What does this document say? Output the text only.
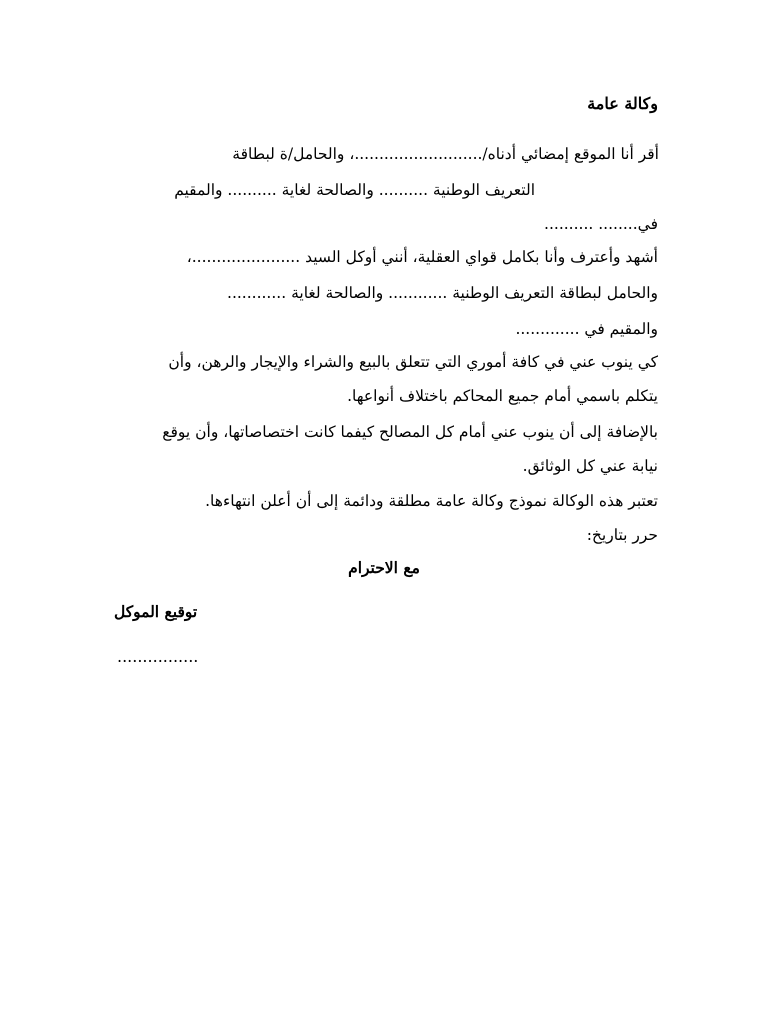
وكالة عامة
أقر أنا الموقع إمضائي أدناه/..........................، والحامل/ة لبطاقة
التعريف الوطنية .......... والصالحة لغاية .......... والمقيم
في........ ..........
أشهد وأعترف وأنا بكامل قواي العقلية، أنني أوكل السيد ......................،
والحامل لبطاقة التعريف الوطنية ............ والصالحة لغاية ............
والمقيم في .............
كي ينوب عني في كافة أموري التي تتعلق بالبيع والشراء والإيجار والرهن، وأن
يتكلم باسمي أمام جميع المحاكم باختلاف أنواعها.
بالإضافة إلى أن ينوب عني أمام كل المصالح كيفما كانت اختصاصاتها، وأن يوقع
نيابة عني كل الوثائق.
تعتبر هذه الوكالة نموذج وكالة عامة مطلقة ودائمة إلى أن أعلن انتهاءها.
حرر بتاريخ:
مع الاحترام
توقيع الموكل
................
